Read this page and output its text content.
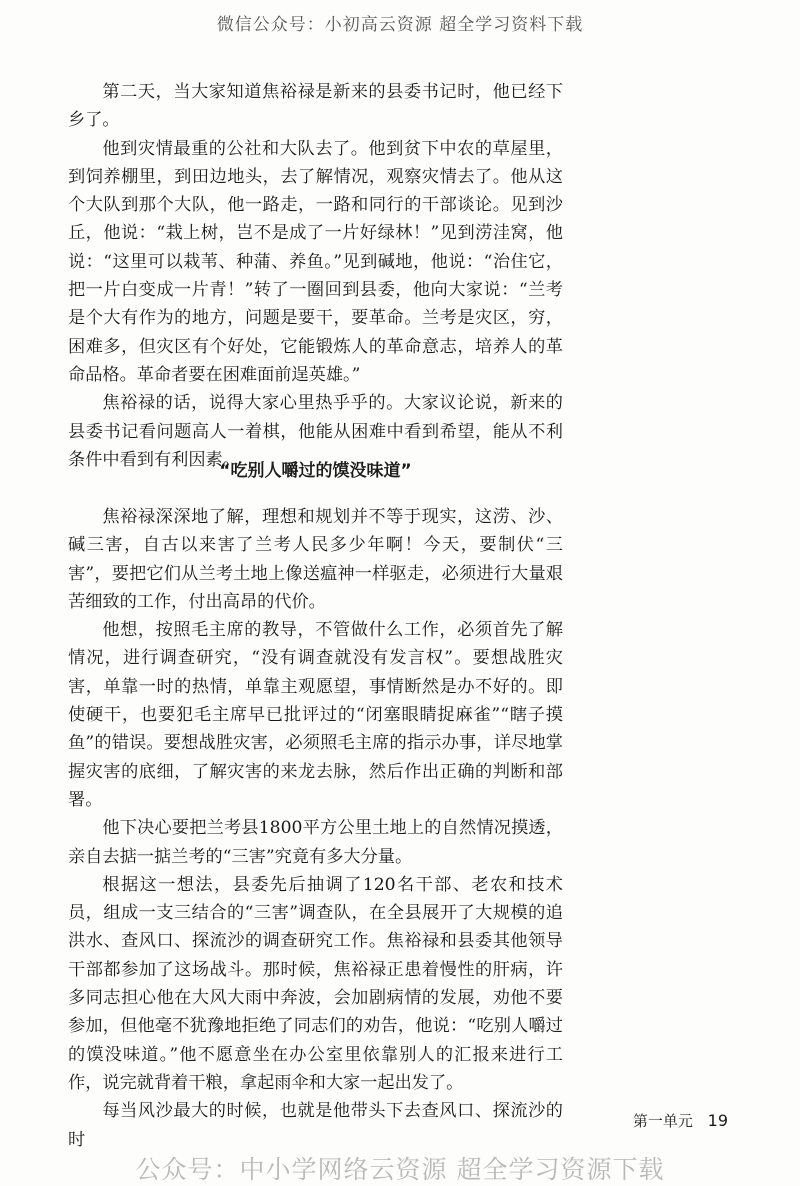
微信公众号：小初高云资源 超全学习资料下载

第二天，当大家知道焦裕禄是新来的县委书记时，他已经下乡了。

他到灾情最重的公社和大队去了。他到贫下中农的草屋里，到饲养棚里，到田边地头，去了解情况，观察灾情去了。他从这个大队到那个大队，他一路走，一路和同行的干部谈论。见到沙丘，他说：“栽上树，岂不是成了一片好绿林！”见到涝洼窝，他说：“这里可以栽苇、种蒲、养鱼。”见到碱地，他说：“治住它，把一片白变成一片青！”转了一圈回到县委，他向大家说：“兰考是个大有作为的地方，问题是要干，要革命。兰考是灾区，穷，困难多，但灾区有个好处，它能锻炼人的革命意志，培养人的革命品格。革命者要在困难面前逞英雄。”

焦裕禄的话，说得大家心里热乎乎的。大家议论说，新来的县委书记看问题高人一着棋，他能从困难中看到希望，能从不利条件中看到有利因素。

“吃别人嚼过的馍没味道”

焦裕禄深深地了解，理想和规划并不等于现实，这涝、沙、碱三害，自古以来害了兰考人民多少年啊！今天，要制伏“三害”，要把它们从兰考土地上像送瘟神一样驱走，必须进行大量艰苦细致的工作，付出高昂的代价。

他想，按照毛主席的教导，不管做什么工作，必须首先了解情况，进行调查研究，“没有调查就没有发言权”。要想战胜灾害，单靠一时的热情，单靠主观愿望，事情断然是办不好的。即使硬干，也要犯毛主席早已批评过的“闭塞眼睛捉麻雀”“瞎子摸鱼”的错误。要想战胜灾害，必须照毛主席的指示办事，详尽地掌握灾害的底细，了解灾害的来龙去脉，然后作出正确的判断和部署。

他下决心要把兰考县1800平方公里土地上的自然情况摸透，亲自去掂一掂兰考的“三害”究竟有多大分量。

根据这一想法，县委先后抽调了120名干部、老农和技术员，组成一支三结合的“三害”调查队，在全县展开了大规模的追洪水、查风口、探流沙的调查研究工作。焦裕禄和县委其他领导干部都参加了这场战斗。那时候，焦裕禄正患着慢性的肝病，许多同志担心他在大风大雨中奔波，会加剧病情的发展，劝他不要参加，但他毫不犹豫地拒绝了同志们的劝告，他说：“吃别人嚼过的馍没味道。”他不愿意坐在办公室里依靠别人的汇报来进行工作，说完就背着干粮，拿起雨伞和大家一起出发了。

每当风沙最大的时候，也就是他带头下去查风口、探流沙的时

第一单元 19
公众号：中小学网络云资源 超全学习资源下载
